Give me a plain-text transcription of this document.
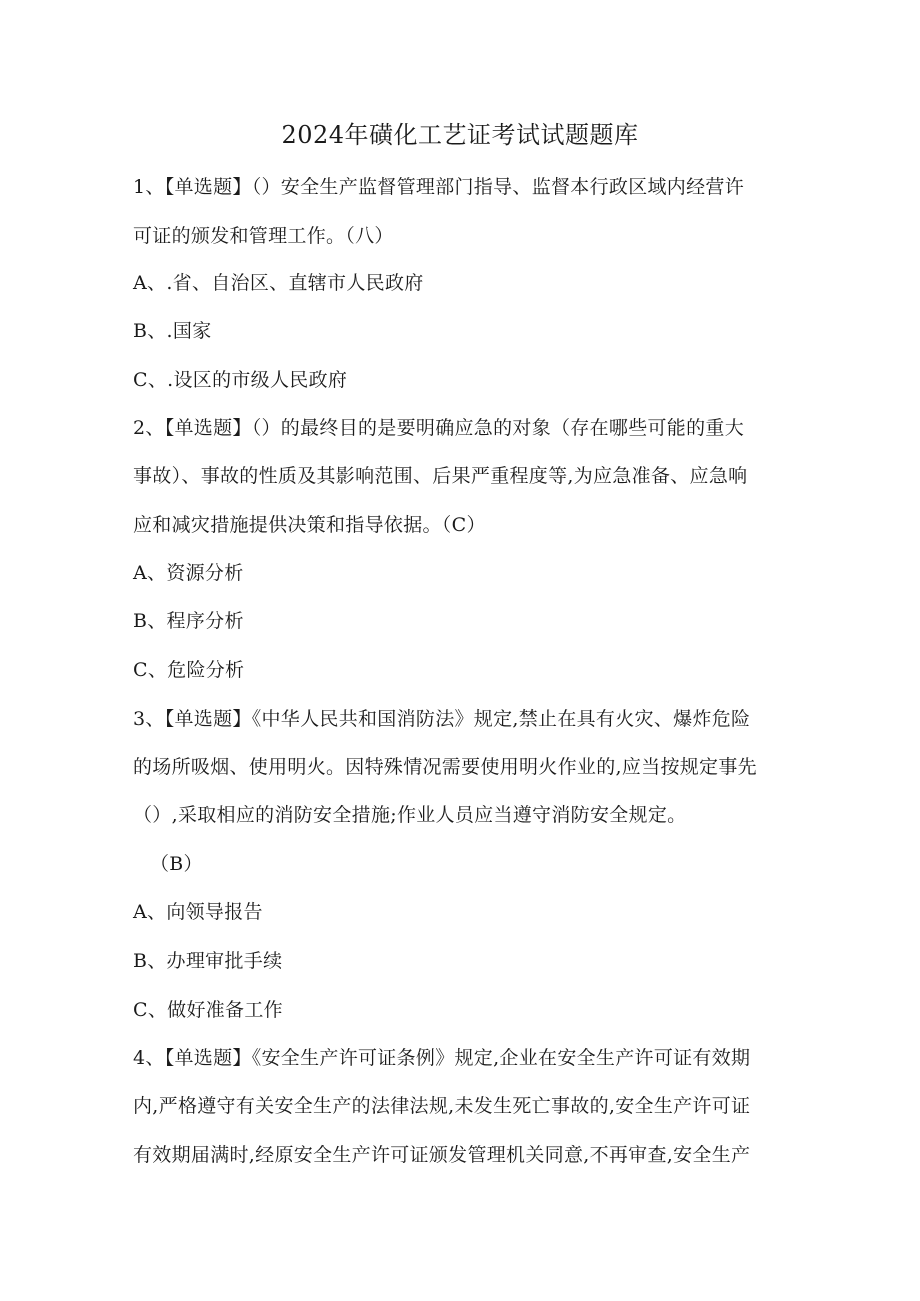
2024年磺化工艺证考试试题题库
1、【单选题】（）安全生产监督管理部门指导、监督本行政区域内经营许
可证的颁发和管理工作。（八）
A、.省、自治区、直辖市人民政府
B、.国家
C、.设区的市级人民政府
2、【单选题】（）的最终目的是要明确应急的对象（存在哪些可能的重大
事故）、事故的性质及其影响范围、后果严重程度等,为应急准备、应急响
应和减灾措施提供决策和指导依据。（C）
A、资源分析
B、程序分析
C、危险分析
3、【单选题】《中华人民共和国消防法》规定,禁止在具有火灾、爆炸危险
的场所吸烟、使用明火。因特殊情况需要使用明火作业的,应当按规定事先
（）,采取相应的消防安全措施;作业人员应当遵守消防安全规定。
（B）
A、向领导报告
B、办理审批手续
C、做好准备工作
4、【单选题】《安全生产许可证条例》规定,企业在安全生产许可证有效期
内,严格遵守有关安全生产的法律法规,未发生死亡事故的,安全生产许可证
有效期届满时,经原安全生产许可证颁发管理机关同意,不再审查,安全生产
